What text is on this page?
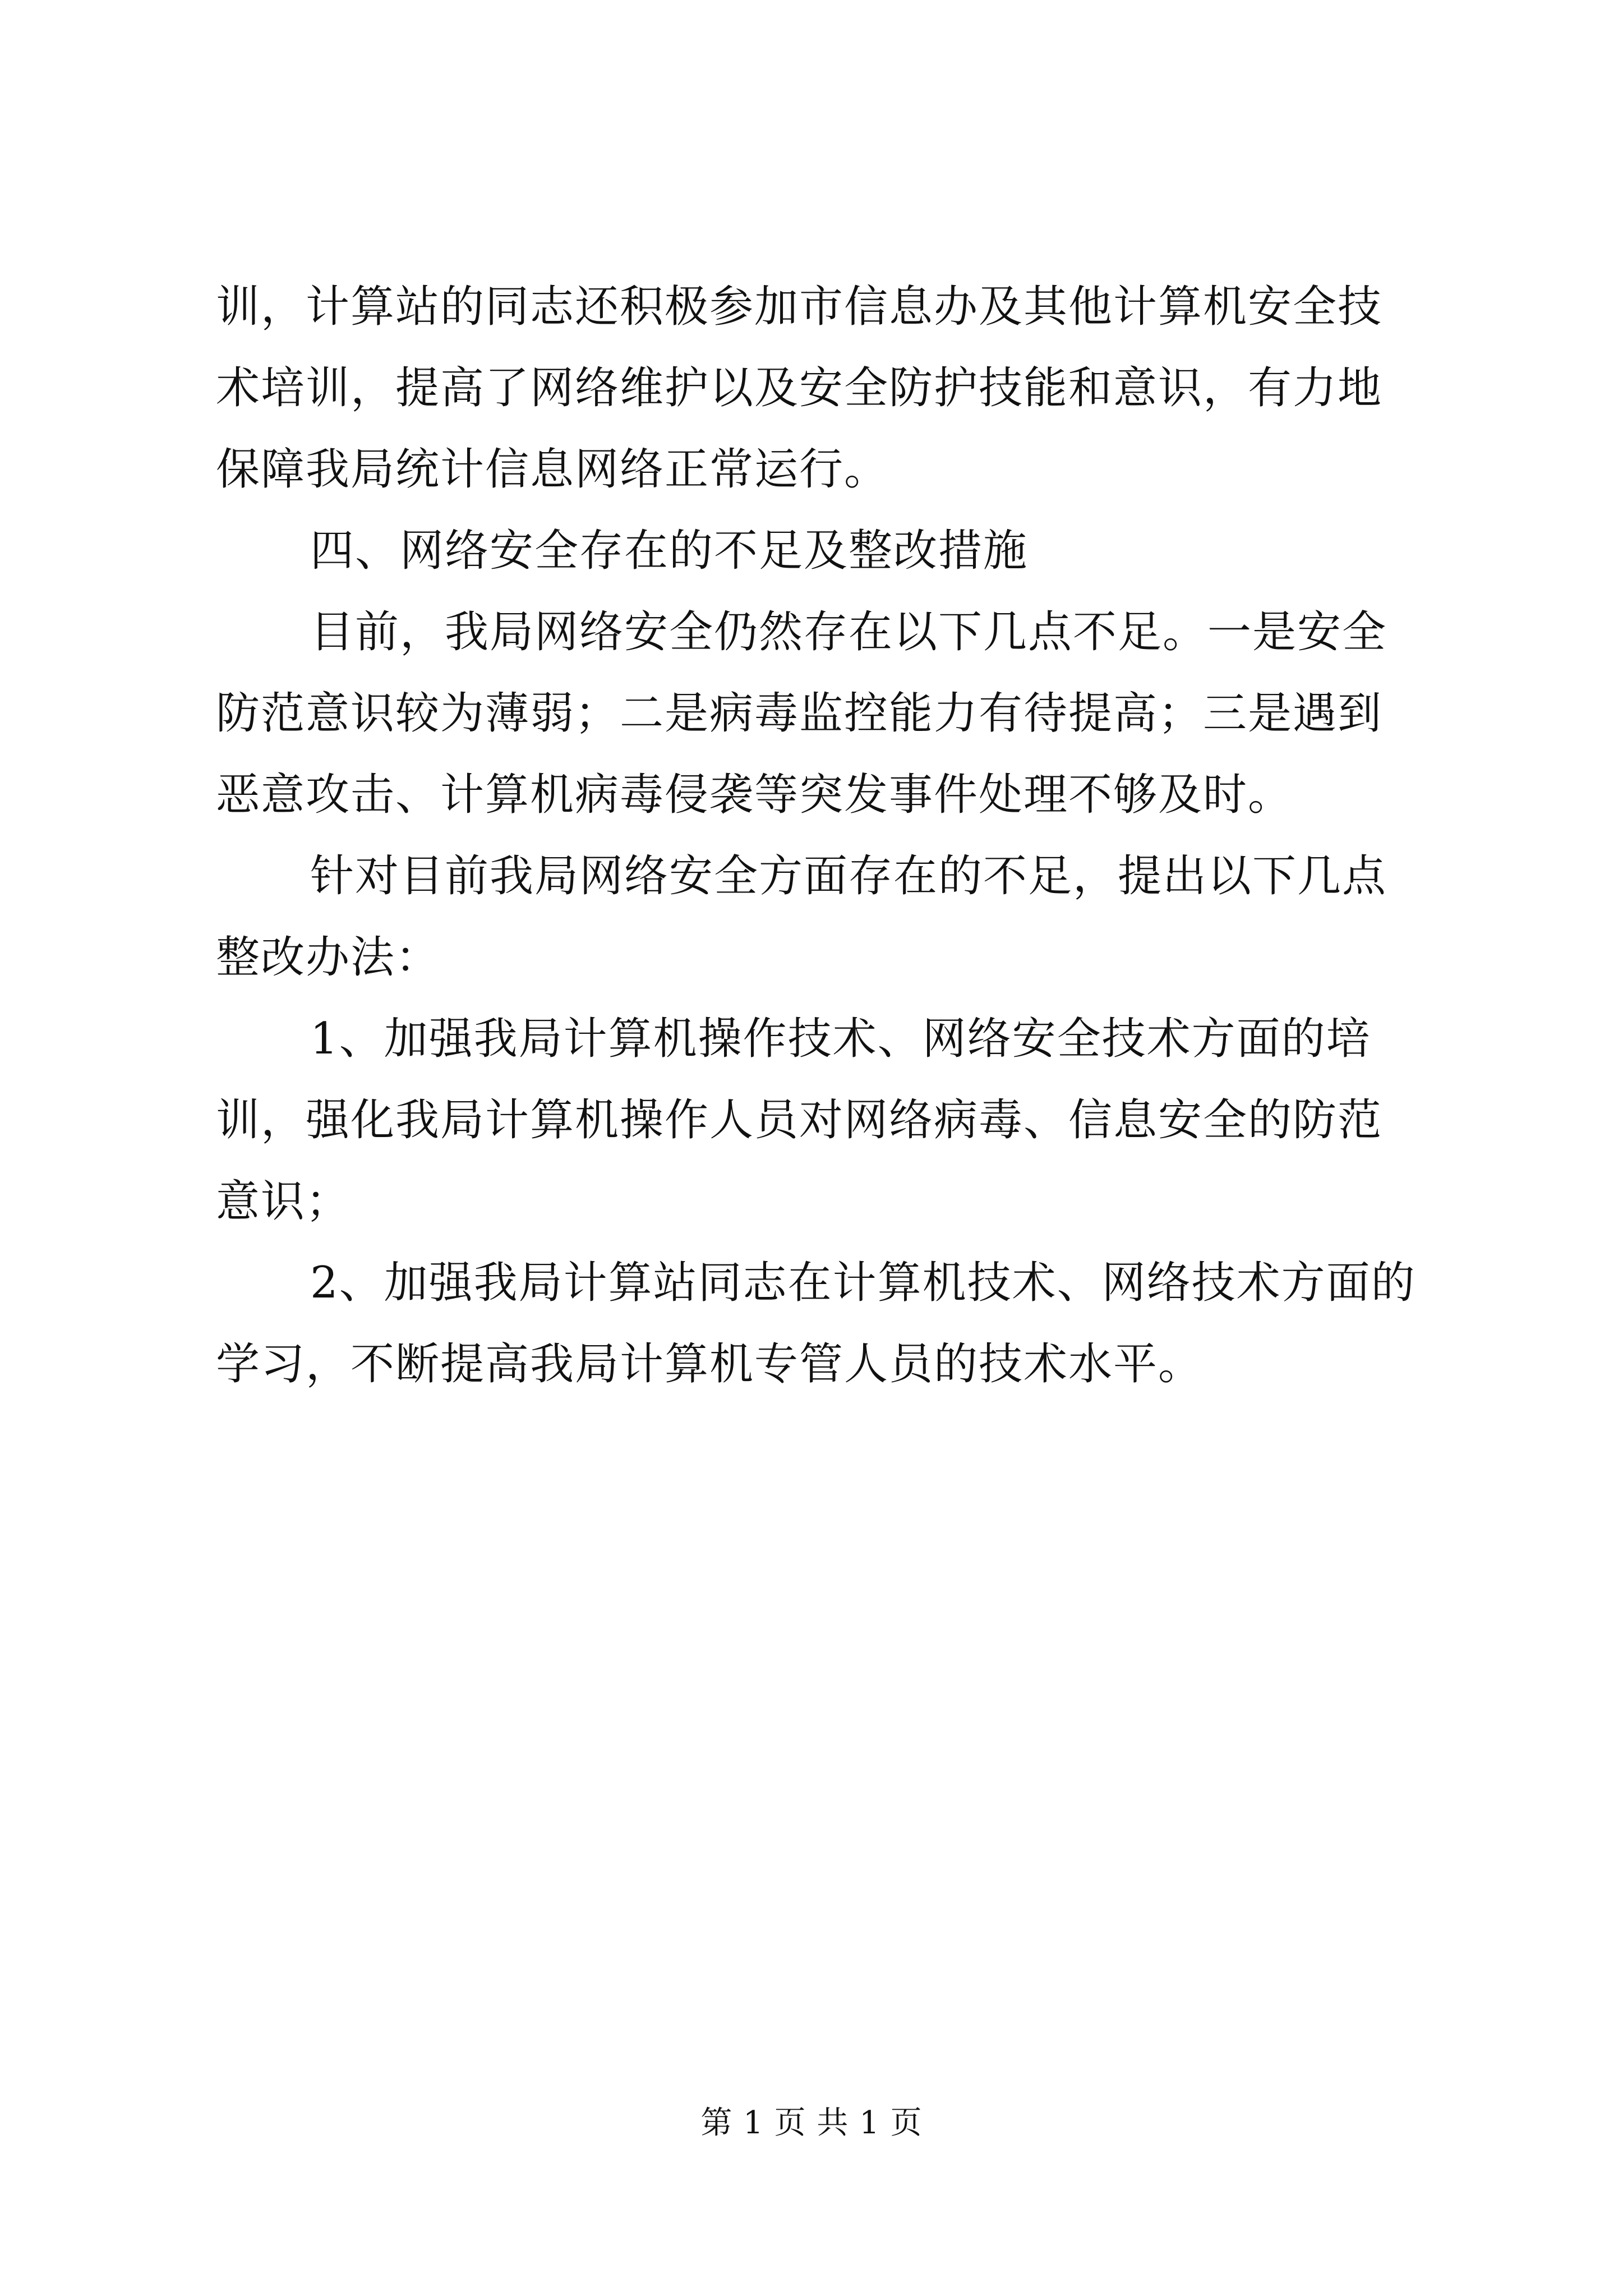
训，计算站的同志还积极参加市信息办及其他计算机安全技术培训，提高了网络维护以及安全防护技能和意识，有力地保障我局统计信息网络正常运行。

四、网络安全存在的不足及整改措施

目前，我局网络安全仍然存在以下几点不足。一是安全防范意识较为薄弱；二是病毒监控能力有待提高；三是遇到恶意攻击、计算机病毒侵袭等突发事件处理不够及时。

针对目前我局网络安全方面存在的不足，提出以下几点整改办法：

1、加强我局计算机操作技术、网络安全技术方面的培训，强化我局计算机操作人员对网络病毒、信息安全的防范意识；

2、加强我局计算站同志在计算机技术、网络技术方面的学习，不断提高我局计算机专管人员的技术水平。

第 1 页 共 1 页
